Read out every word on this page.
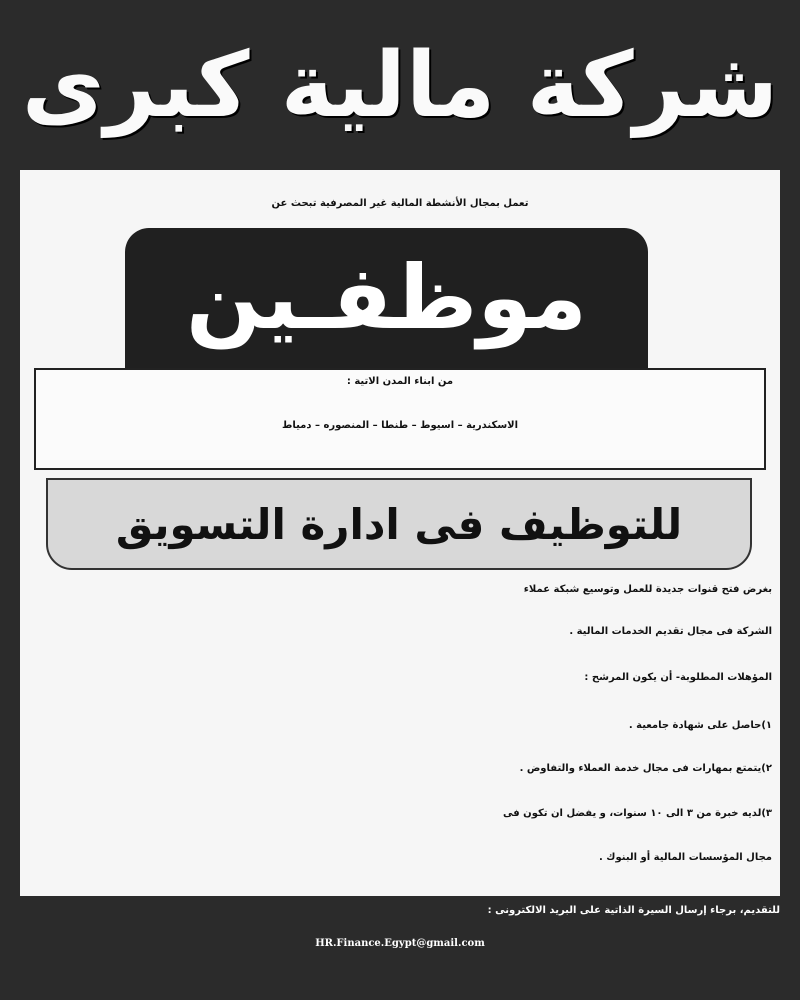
شركة مالية كبرى
تعمل بمجال الأنشطة المالية غير المصرفية تبحث عن
موظفـين
من ابناء المدن الاتية :
الاسكندرية – اسيوط – طنطا – المنصوره – دمياط
للتوظيف فى ادارة التسويق
بغرض فتح قنوات جديدة للعمل وتوسيع شبكة عملاء
الشركة فى مجال تقديم الخدمات المالية .
المؤهلات المطلوبة- أن يكون المرشح :
١)حاصل على شهادة جامعية .
٢)يتمتع بمهارات فى مجال خدمة العملاء والتفاوض .
٣)لديه خبرة من ٣ الى ١٠ سنوات، و يفضل ان تكون فى
مجال المؤسسات المالية أو البنوك .
للتقديم، برجاء إرسال السيرة الذاتية على البريد الالكترونى :
HR.Finance.Egypt@gmail.com
